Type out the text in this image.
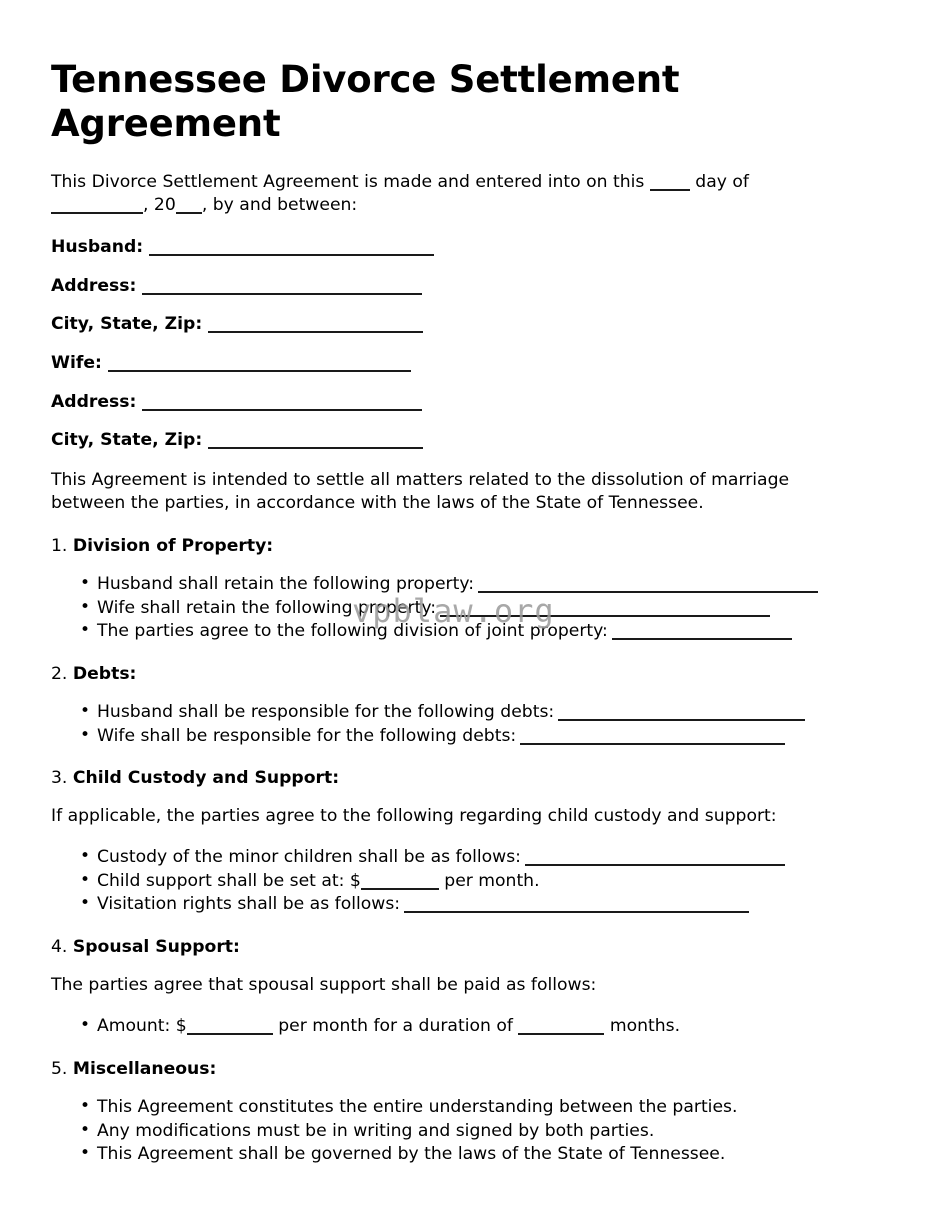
vpblaw.org
Tennessee Divorce Settlement Agreement

This Divorce Settlement Agreement is made and entered into on this	day of , 20 , by and between:

Husband:
Address:
City, State, Zip:
Wife:
Address:
City, State, Zip:

This Agreement is intended to settle all matters related to the dissolution of marriage between the parties, in accordance with the laws of the State of Tennessee.

1. Division of Property:

• Husband shall retain the following property:
• Wife shall retain the following property:
• The parties agree to the following division of joint property:

2. Debts:

• Husband shall be responsible for the following debts:
• Wife shall be responsible for the following debts:

3. Child Custody and Support:

If applicable, the parties agree to the following regarding child custody and support:

• Custody of the minor children shall be as follows:
• Child support shall be set at: $	per month.
• Visitation rights shall be as follows:

4. Spousal Support:

The parties agree that spousal support shall be paid as follows:

• Amount: $	per month for a duration of	months.

5. Miscellaneous:

• This Agreement constitutes the entire understanding between the parties.
• Any modifications must be in writing and signed by both parties.
• This Agreement shall be governed by the laws of the State of Tennessee.
